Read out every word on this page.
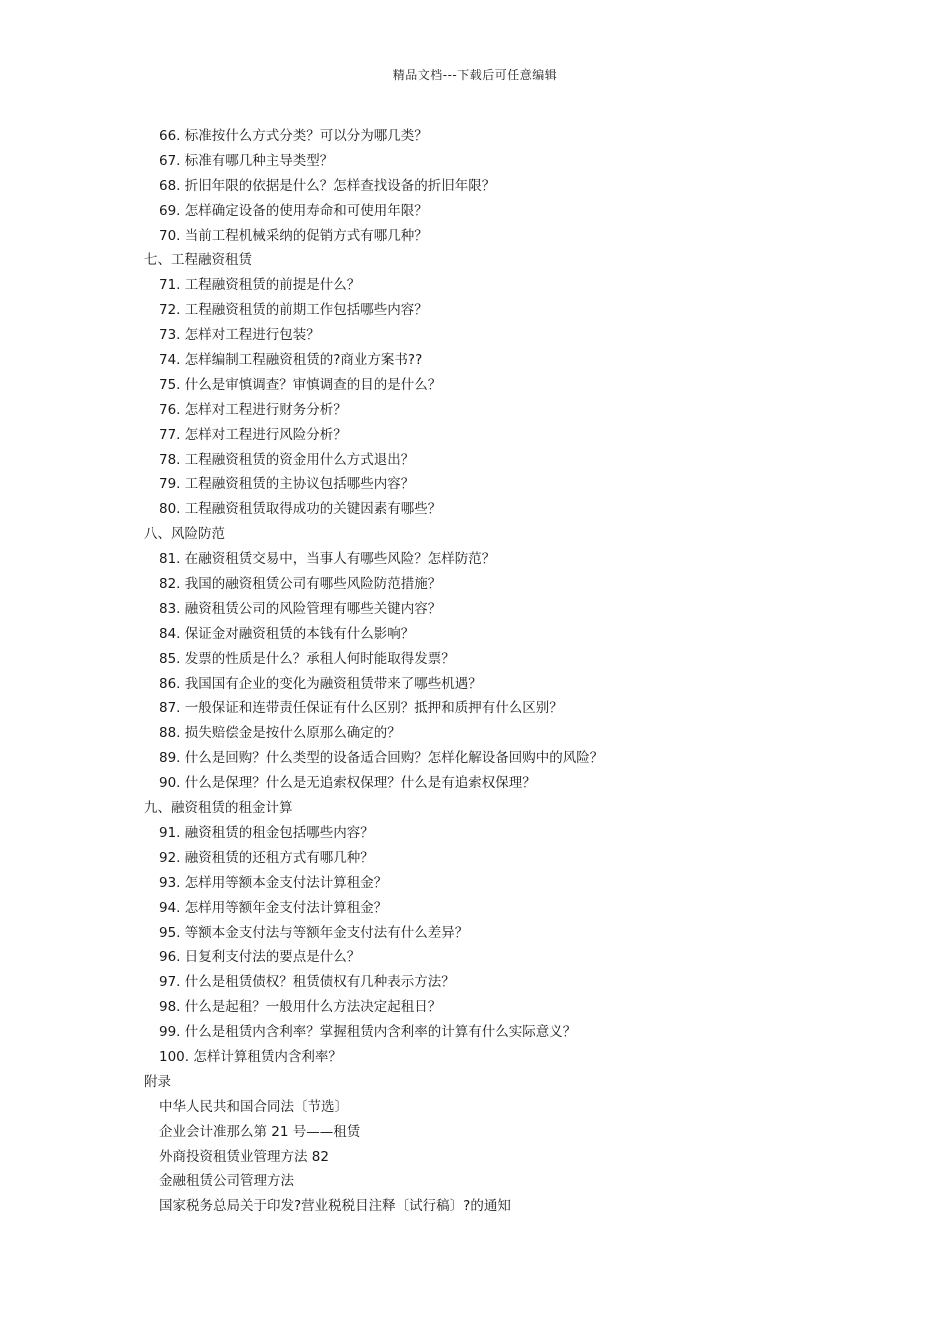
精品文档---下载后可任意编辑
66. 标准按什么方式分类？可以分为哪几类？
67. 标准有哪几种主导类型？
68. 折旧年限的依据是什么？怎样查找设备的折旧年限？
69. 怎样确定设备的使用寿命和可使用年限？
70. 当前工程机械采纳的促销方式有哪几种？
七、工程融资租赁
71. 工程融资租赁的前提是什么？
72. 工程融资租赁的前期工作包括哪些内容？
73. 怎样对工程进行包装？
74. 怎样编制工程融资租赁的?商业方案书??
75. 什么是审慎调查？审慎调查的目的是什么？
76. 怎样对工程进行财务分析？
77. 怎样对工程进行风险分析？
78. 工程融资租赁的资金用什么方式退出？
79. 工程融资租赁的主协议包括哪些内容？
80. 工程融资租赁取得成功的关键因素有哪些？
八、风险防范
81. 在融资租赁交易中，当事人有哪些风险？怎样防范？
82. 我国的融资租赁公司有哪些风险防范措施？
83. 融资租赁公司的风险管理有哪些关键内容？
84. 保证金对融资租赁的本钱有什么影响？
85. 发票的性质是什么？承租人何时能取得发票？
86. 我国国有企业的变化为融资租赁带来了哪些机遇？
87. 一般保证和连带责任保证有什么区别？抵押和质押有什么区别？
88. 损失赔偿金是按什么原那么确定的？
89. 什么是回购？什么类型的设备适合回购？怎样化解设备回购中的风险？
90. 什么是保理？什么是无追索权保理？什么是有追索权保理？
九、融资租赁的租金计算
91. 融资租赁的租金包括哪些内容？
92. 融资租赁的还租方式有哪几种？
93. 怎样用等额本金支付法计算租金？
94. 怎样用等额年金支付法计算租金？
95. 等额本金支付法与等额年金支付法有什么差异？
96. 日复利支付法的要点是什么？
97. 什么是租赁债权？租赁债权有几种表示方法？
98. 什么是起租？一般用什么方法决定起租日？
99. 什么是租赁内含利率？掌握租赁内含利率的计算有什么实际意义？
100. 怎样计算租赁内含利率？
附录
中华人民共和国合同法〔节选〕
企业会计准那么第 21 号——租赁
外商投资租赁业管理方法 82
金融租赁公司管理方法
国家税务总局关于印发?营业税税目注释〔试行稿〕?的通知
